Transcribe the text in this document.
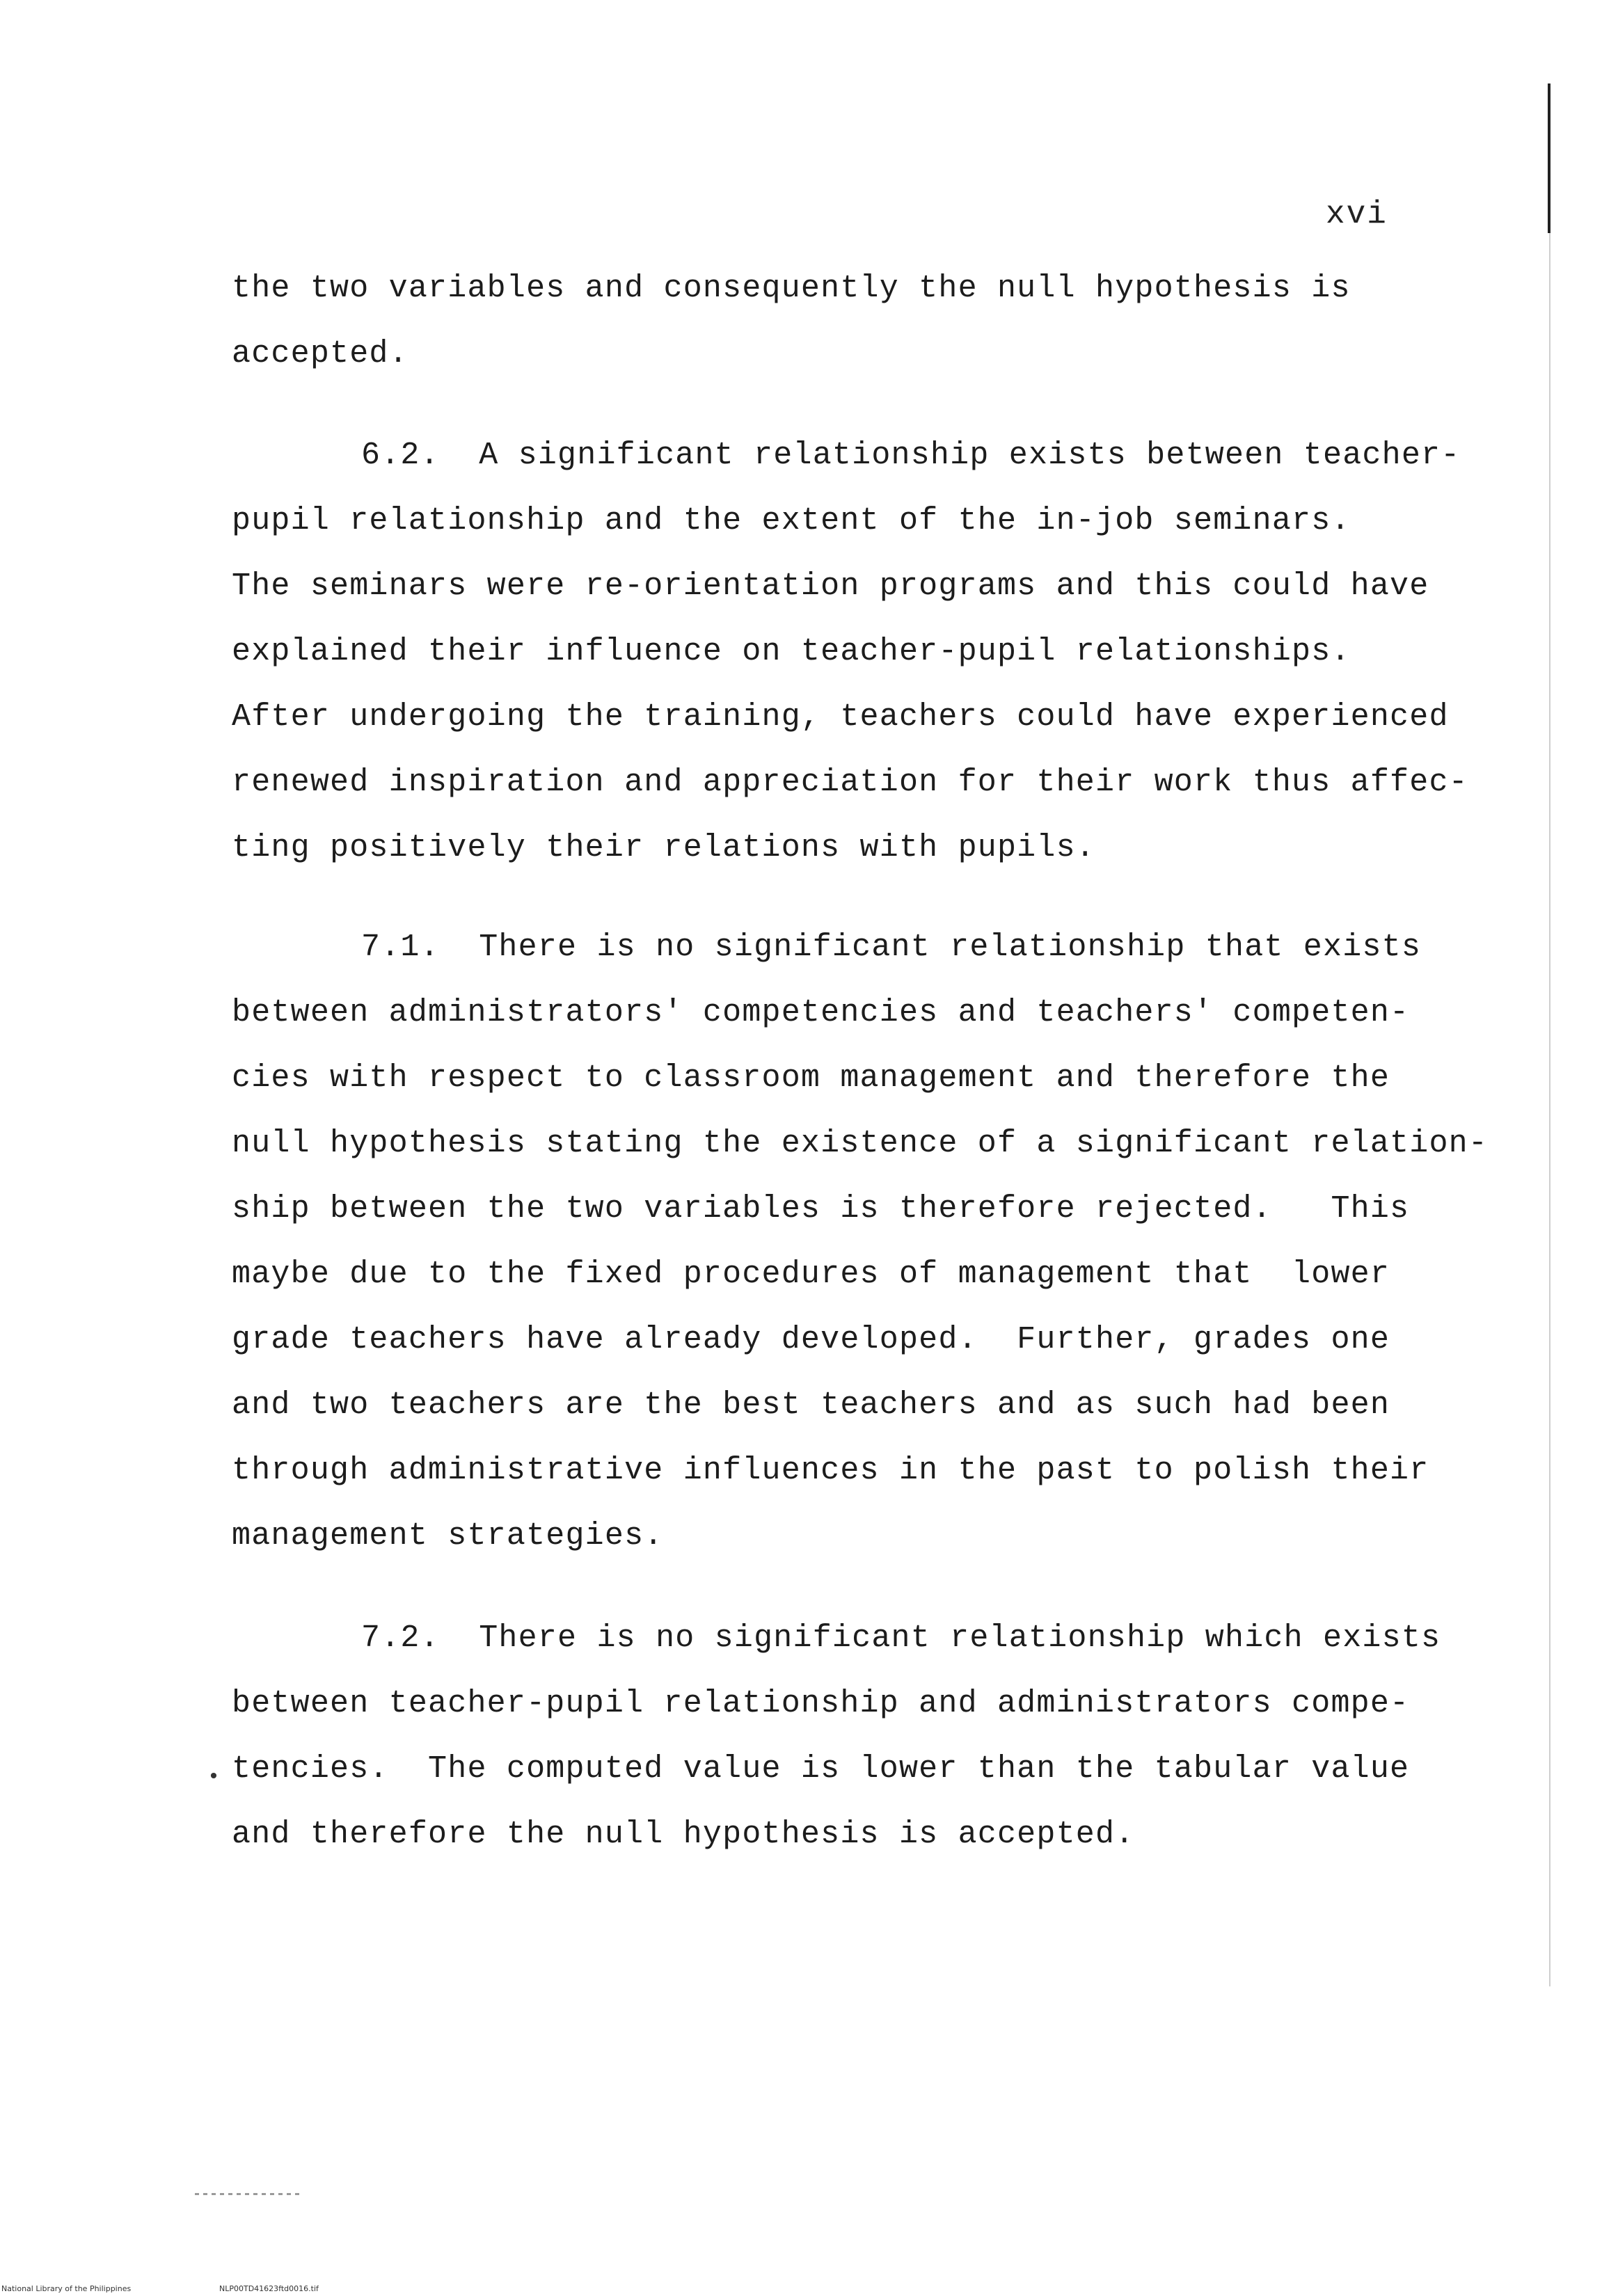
xvi
the two variables and consequently the null hypothesis is
accepted.
6.2.  A significant relationship exists between teacher-
pupil relationship and the extent of the in-job seminars.
The seminars were re-orientation programs and this could have
explained their influence on teacher-pupil relationships.
After undergoing the training, teachers could have experienced
renewed inspiration and appreciation for their work thus affec-
ting positively their relations with pupils.
7.1.  There is no significant relationship that exists
between administrators' competencies and teachers' competen-
cies with respect to classroom management and therefore the
null hypothesis stating the existence of a significant relation-
ship between the two variables is therefore rejected.   This
maybe due to the fixed procedures of management that  lower
grade teachers have already developed.  Further, grades one
and two teachers are the best teachers and as such had been
through administrative influences in the past to polish their
management strategies.
•
7.2.  There is no significant relationship which exists
between teacher-pupil relationship and administrators compe-
tencies.  The computed value is lower than the tabular value
and therefore the null hypothesis is accepted.
National Library of the Philippines	NLP00TD41623ftd0016.tif
